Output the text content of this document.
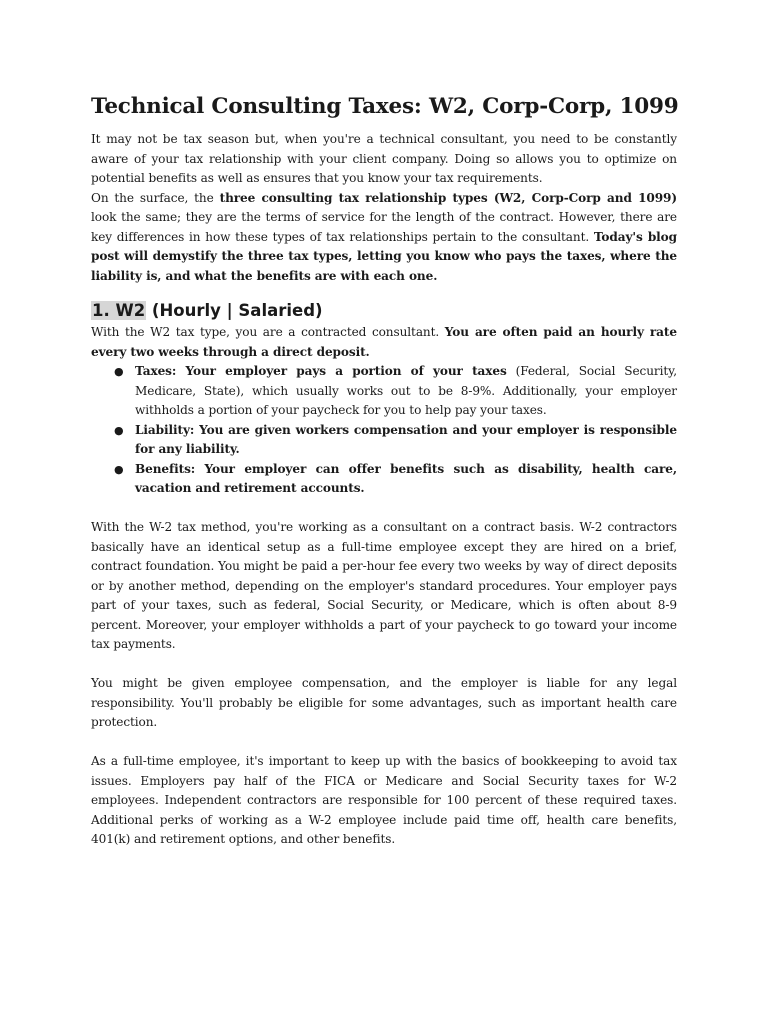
Technical Consulting Taxes: W2, Corp-Corp, 1099

It may not be tax season but, when you're a technical consultant, you need to be constantly aware of your tax relationship with your client company. Doing so allows you to optimize on potential benefits as well as ensures that you know your tax requirements.

On the surface, the three consulting tax relationship types (W2, Corp-Corp and 1099) look the same; they are the terms of service for the length of the contract. However, there are key differences in how these types of tax relationships pertain to the consultant. Today's blog post will demystify the three tax types, letting you know who pays the taxes, where the liability is, and what the benefits are with each one.

1. W2 (Hourly | Salaried)

With the W2 tax type, you are a contracted consultant. You are often paid an hourly rate every two weeks through a direct deposit.

● Taxes: Your employer pays a portion of your taxes (Federal, Social Security, Medicare, State), which usually works out to be 8-9%. Additionally, your employer withholds a portion of your paycheck for you to help pay your taxes.
● Liability: You are given workers compensation and your employer is responsible for any liability.
● Benefits: Your employer can offer benefits such as disability, health care, vacation and retirement accounts.

With the W-2 tax method, you're working as a consultant on a contract basis. W-2 contractors basically have an identical setup as a full-time employee except they are hired on a brief, contract foundation. You might be paid a per-hour fee every two weeks by way of direct deposits or by another method, depending on the employer's standard procedures. Your employer pays part of your taxes, such as federal, Social Security, or Medicare, which is often about 8-9 percent. Moreover, your employer withholds a part of your paycheck to go toward your income tax payments.

You might be given employee compensation, and the employer is liable for any legal responsibility. You'll probably be eligible for some advantages, such as important health care protection.

As a full-time employee, it's important to keep up with the basics of bookkeeping to avoid tax issues. Employers pay half of the FICA or Medicare and Social Security taxes for W-2 employees. Independent contractors are responsible for 100 percent of these required taxes. Additional perks of working as a W-2 employee include paid time off, health care benefits, 401(k) and retirement options, and other benefits.
